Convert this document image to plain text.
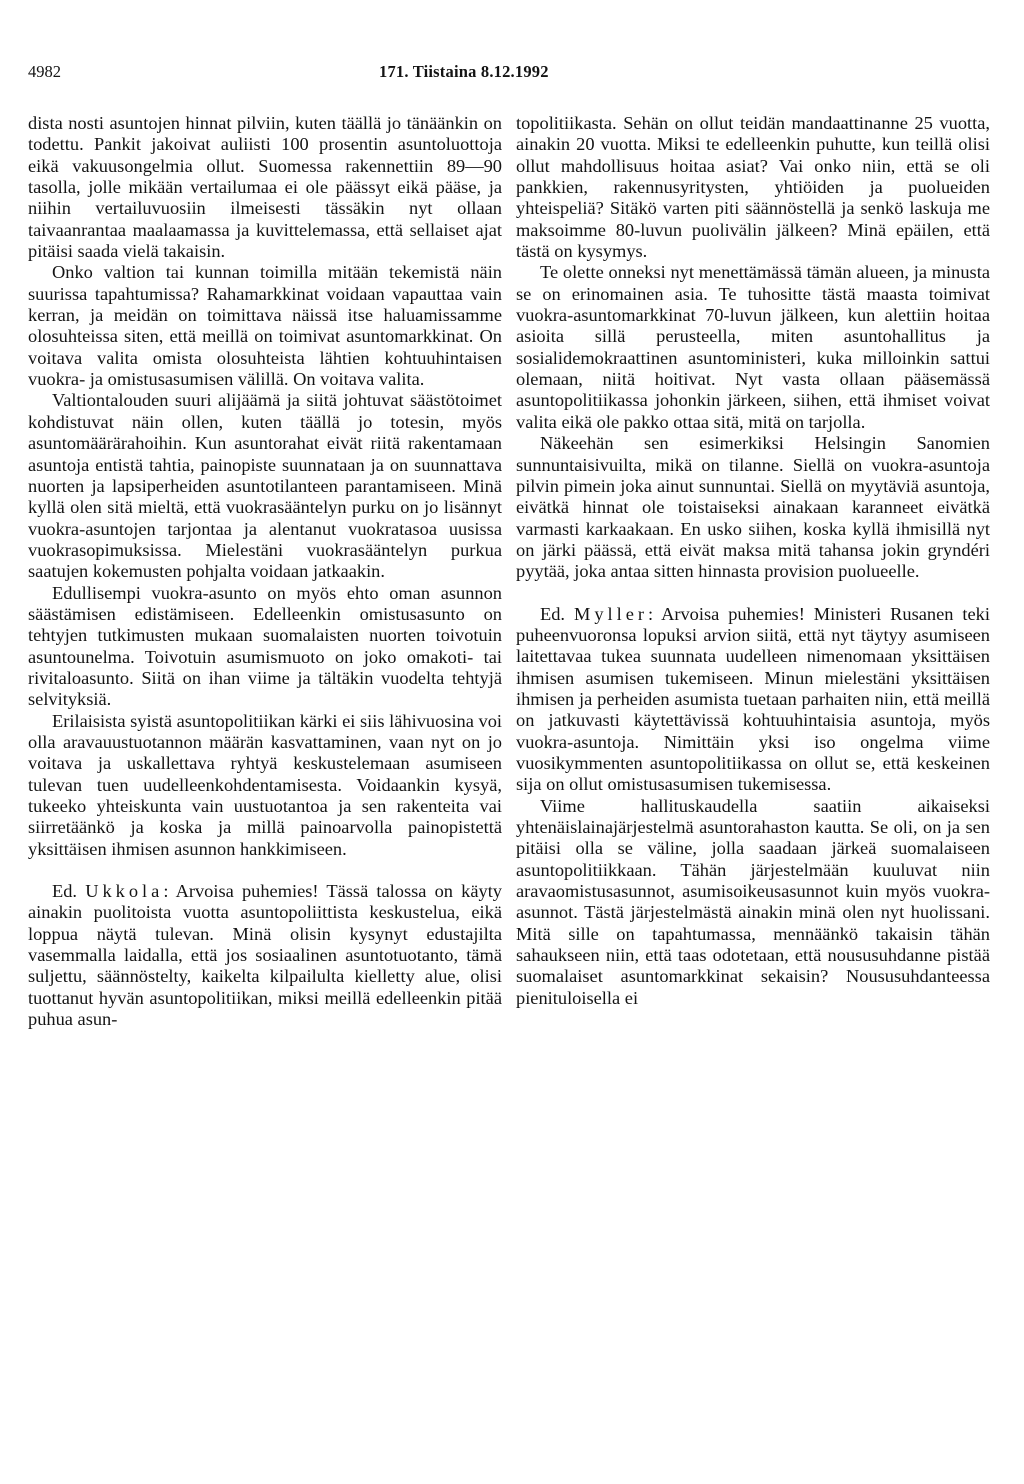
4982	171. Tiistaina 8.12.1992

dista nosti asuntojen hinnat pilviin, kuten täällä jo tänäänkin on todettu. Pankit jakoivat auliisti 100 prosentin asuntoluottoja eikä vakuusongelmia ollut. Suomessa rakennettiin 89—90 tasolla, jolle mikään vertailumaa ei ole päässyt eikä pääse, ja niihin vertailuvuosiin ilmeisesti tässäkin nyt ollaan taivaanrantaa maalaamassa ja kuvittelemassa, että sellaiset ajat pitäisi saada vielä takaisin.

Onko valtion tai kunnan toimilla mitään tekemistä näin suurissa tapahtumissa? Rahamarkkinat voidaan vapauttaa vain kerran, ja meidän on toimittava näissä itse haluamissamme olosuhteissa siten, että meillä on toimivat asuntomarkkinat. On voitava valita omista olosuhteista lähtien kohtuuhintaisen vuokra- ja omistusasumisen välillä. On voitava valita.

Valtiontalouden suuri alijäämä ja siitä johtuvat säästötoimet kohdistuvat näin ollen, kuten täällä jo totesin, myös asuntomäärärahoihin. Kun asuntorahat eivät riitä rakentamaan asuntoja entistä tahtia, painopiste suunnataan ja on suunnattava nuorten ja lapsiperheiden asuntotilanteen parantamiseen. Minä kyllä olen sitä mieltä, että vuokrasääntelyn purku on jo lisännyt vuokra-asuntojen tarjontaa ja alentanut vuokratasoa uusissa vuokrasopimuksissa. Mielestäni vuokrasääntelyn purkua saatujen kokemusten pohjalta voidaan jatkaakin.

Edullisempi vuokra-asunto on myös ehto oman asunnon säästämisen edistämiseen. Edelleenkin omistusasunto on tehtyjen tutkimusten mukaan suomalaisten nuorten toivotuin asuntounelma. Toivotuin asumismuoto on joko omakoti- tai rivitaloasunto. Siitä on ihan viime ja tältäkin vuodelta tehtyjä selvityksiä.

Erilaisista syistä asuntopolitiikan kärki ei siis lähivuosina voi olla aravauustuotannon määrän kasvattaminen, vaan nyt on jo voitava ja uskallettava ryhtyä keskustelemaan asumiseen tulevan tuen uudelleenkohdentamisesta. Voidaankin kysyä, tukeeko yhteiskunta vain uustuotantoa ja sen rakenteita vai siirretäänkö ja koska ja millä painoarvolla painopistettä yksittäisen ihmisen asunnon hankkimiseen.

Ed. Ukkola: Arvoisa puhemies! Tässä talossa on käyty ainakin puolitoista vuotta asuntopoliittista keskustelua, eikä loppua näytä tulevan. Minä olisin kysynyt edustajilta vasemmalla laidalla, että jos sosiaalinen asuntotuotanto, tämä suljettu, säännöstelty, kaikelta kilpailulta kielletty alue, olisi tuottanut hyvän asuntopolitiikan, miksi meillä edelleenkin pitää puhua asun-

topolitiikasta. Sehän on ollut teidän mandaattinanne 25 vuotta, ainakin 20 vuotta. Miksi te edelleenkin puhutte, kun teillä olisi ollut mahdollisuus hoitaa asiat? Vai onko niin, että se oli pankkien, rakennusyritysten, yhtiöiden ja puolueiden yhteispeliä? Sitäkö varten piti säännöstellä ja senkö laskuja me maksoimme 80-luvun puolivälin jälkeen? Minä epäilen, että tästä on kysymys.

Te olette onneksi nyt menettämässä tämän alueen, ja minusta se on erinomainen asia. Te tuhositte tästä maasta toimivat vuokra-asuntomarkkinat 70-luvun jälkeen, kun alettiin hoitaa asioita sillä perusteella, miten asuntohallitus ja sosialidemokraattinen asuntoministeri, kuka milloinkin sattui olemaan, niitä hoitivat. Nyt vasta ollaan pääsemässä asuntopolitiikassa johonkin järkeen, siihen, että ihmiset voivat valita eikä ole pakko ottaa sitä, mitä on tarjolla.

Näkeehän sen esimerkiksi Helsingin Sanomien sunnuntaisivuilta, mikä on tilanne. Siellä on vuokra-asuntoja pilvin pimein joka ainut sunnuntai. Siellä on myytäviä asuntoja, eivätkä hinnat ole toistaiseksi ainakaan karanneet eivätkä varmasti karkaakaan. En usko siihen, koska kyllä ihmisillä nyt on järki päässä, että eivät maksa mitä tahansa jokin gryndéri pyytää, joka antaa sitten hinnasta provision puolueelle.

Ed. Myller: Arvoisa puhemies! Ministeri Rusanen teki puheenvuoronsa lopuksi arvion siitä, että nyt täytyy asumiseen laitettavaa tukea suunnata uudelleen nimenomaan yksittäisen ihmisen asumisen tukemiseen. Minun mielestäni yksittäisen ihmisen ja perheiden asumista tuetaan parhaiten niin, että meillä on jatkuvasti käytettävissä kohtuuhintaisia asuntoja, myös vuokra-asuntoja. Nimittäin yksi iso ongelma viime vuosikymmenten asuntopolitiikassa on ollut se, että keskeinen sija on ollut omistusasumisen tukemisessa.

Viime hallituskaudella saatiin aikaiseksi yhtenäislainajärjestelmä asuntorahaston kautta. Se oli, on ja sen pitäisi olla se väline, jolla saadaan järkeä suomalaiseen asuntopolitiikkaan. Tähän järjestelmään kuuluvat niin aravaomistusasunnot, asumisoikeusasunnot kuin myös vuokra-asunnot. Tästä järjestelmästä ainakin minä olen nyt huolissani. Mitä sille on tapahtumassa, mennäänkö takaisin tähän sahaukseen niin, että taas odotetaan, että noususuhdanne pistää suomalaiset asuntomarkkinat sekaisin? Noususuhdanteessa pienituloisella ei
